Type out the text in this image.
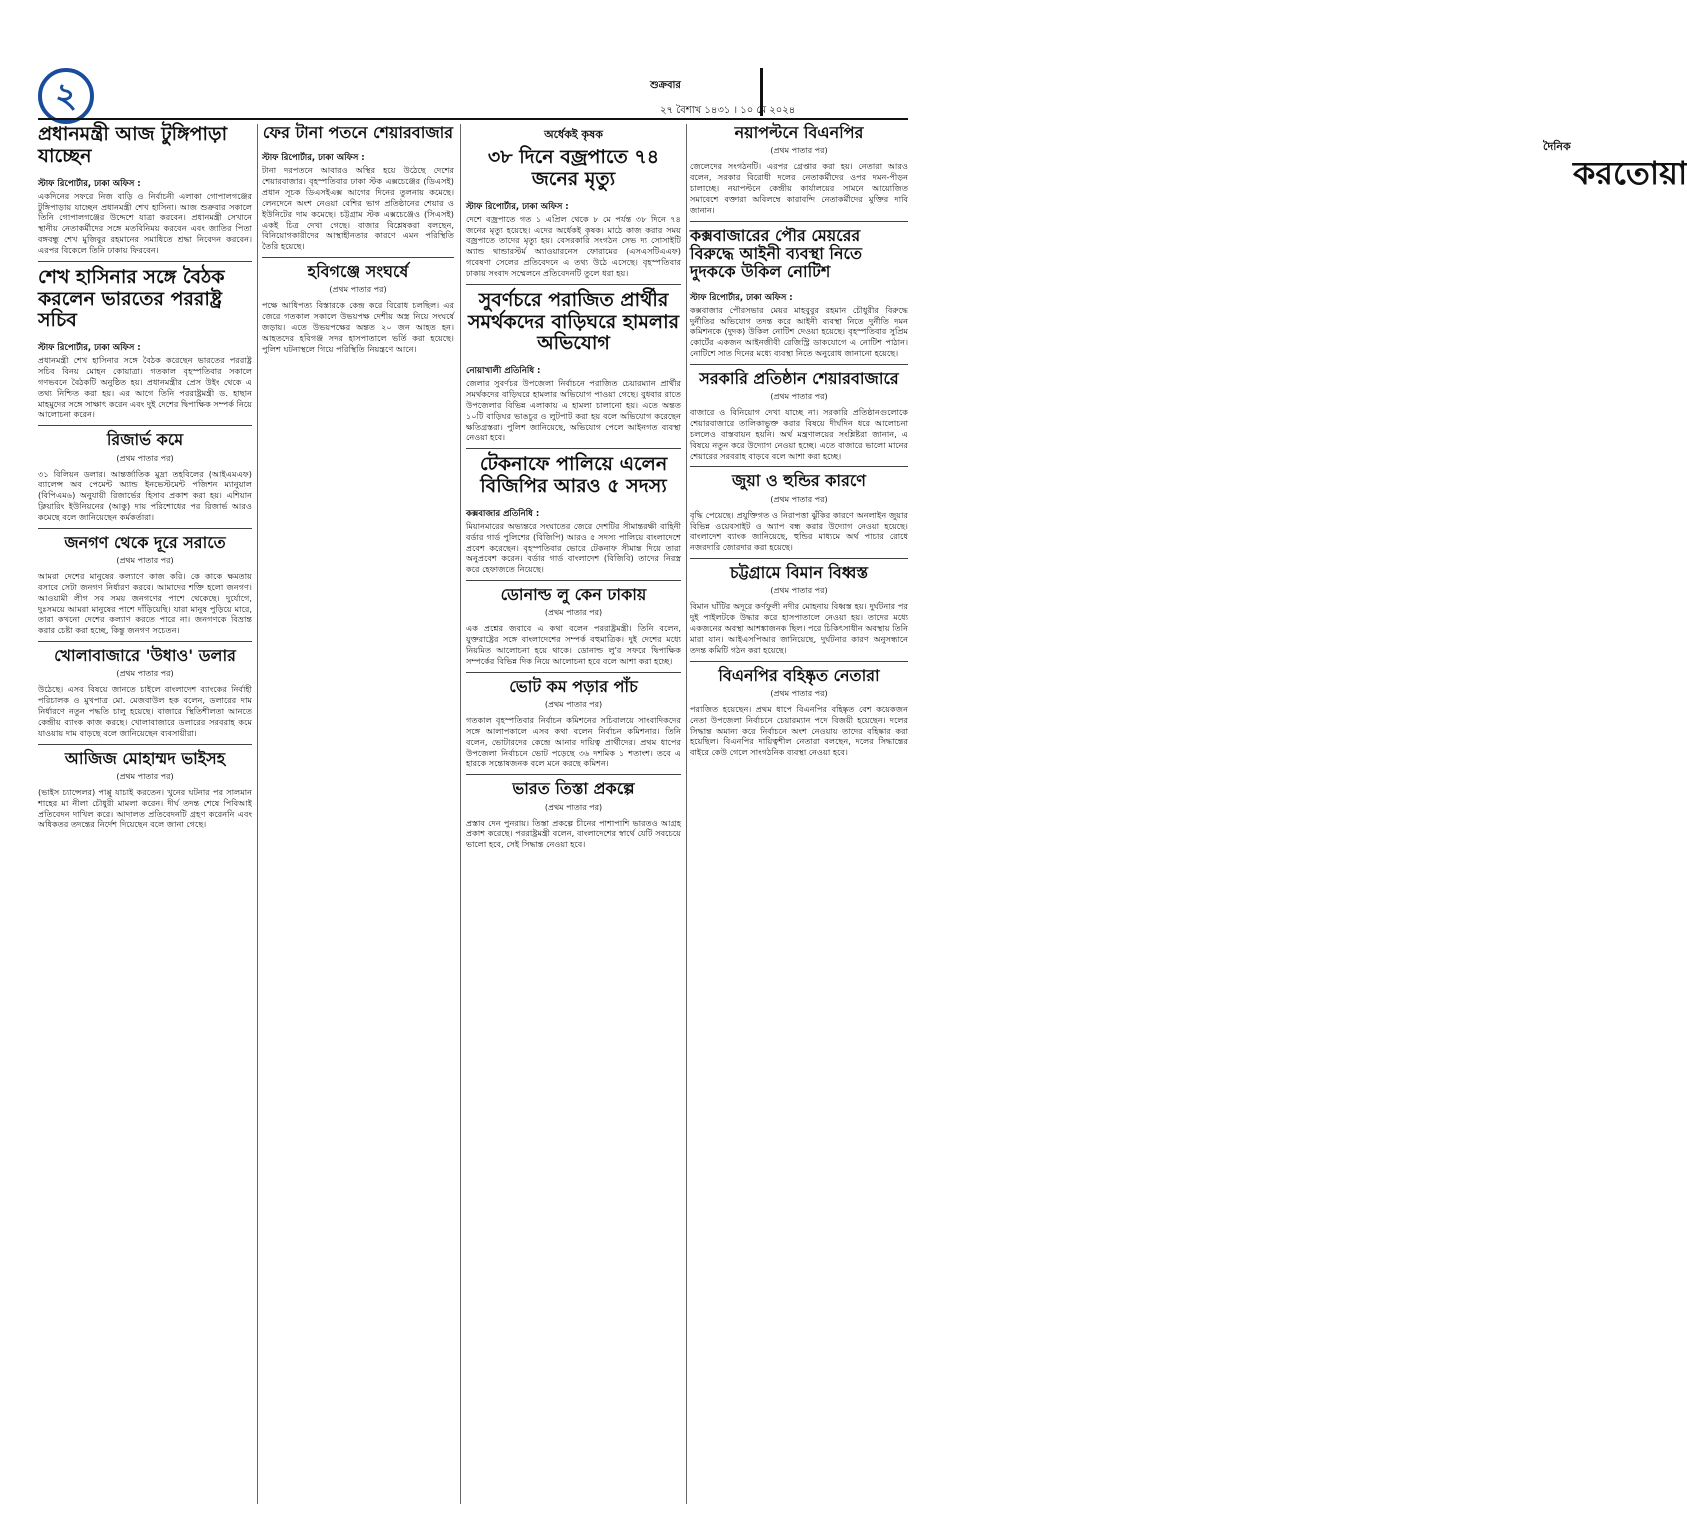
২	শুক্রবার
দৈনিক
করতোয়া
২৭ বৈশাখ ১৪৩১ । ১০ মে ২০২৪
প্রধানমন্ত্রী আজ টুঙ্গিপাড়া যাচ্ছেন
স্টাফ রিপোর্টার, ঢাকা অফিস :

একদিনের সফরে নিজ বাড়ি ও নির্বাচনী এলাকা গোপালগঞ্জের টুঙ্গিপাড়ায় যাচ্ছেন প্রধানমন্ত্রী শেখ হাসিনা। আজ শুক্রবার সকালে তিনি গোপালগঞ্জের উদ্দেশে যাত্রা করবেন। প্রধানমন্ত্রী সেখানে স্থানীয় নেতাকর্মীদের সঙ্গে মতবিনিময় করবেন এবং জাতির পিতা বঙ্গবন্ধু শেখ মুজিবুর রহমানের সমাধিতে শ্রদ্ধা নিবেদন করবেন। এরপর বিকেলে তিনি ঢাকায় ফিরবেন।

শেখ হাসিনার সঙ্গে বৈঠক করলেন ভারতের পররাষ্ট্র সচিব
স্টাফ রিপোর্টার, ঢাকা অফিস :

প্রধানমন্ত্রী শেখ হাসিনার সঙ্গে বৈঠক করেছেন ভারতের পররাষ্ট্র সচিব বিনয় মোহন কোয়াত্রা। গতকাল বৃহস্পতিবার সকালে গণভবনে বৈঠকটি অনুষ্ঠিত হয়। প্রধানমন্ত্রীর প্রেস উইং থেকে এ তথ্য নিশ্চিত করা হয়। এর আগে তিনি পররাষ্ট্রমন্ত্রী ড. হাছান মাহমুদের সঙ্গে সাক্ষাৎ করেন এবং দুই দেশের দ্বিপাক্ষিক সম্পর্ক নিয়ে আলোচনা করেন।

রিজার্ভ কমে
(প্রথম পাতার পর)

৩১ বিলিয়ন ডলার। আন্তর্জাতিক মুদ্রা তহবিলের (আইএমএফ) ব্যালেন্স অব পেমেন্ট অ্যান্ড ইনভেস্টমেন্ট পজিশন ম্যানুয়াল (বিপিএম৬) অনুযায়ী রিজার্ভের হিসাব প্রকাশ করা হয়। এশিয়ান ক্লিয়ারিং ইউনিয়নের (আকু) দায় পরিশোধের পর রিজার্ভ আরও কমেছে বলে জানিয়েছেন কর্মকর্তারা।

জনগণ থেকে দূরে সরাতে
(প্রথম পাতার পর)

আমরা দেশের মানুষের কল্যাণে কাজ করি। কে কাকে ক্ষমতায় বসাবে সেটা জনগণ নির্ধারণ করবে। আমাদের শক্তি হলো জনগণ। আওয়ামী লীগ সব সময় জনগণের পাশে থেকেছে। দুর্যোগে, দুঃসময়ে আমরা মানুষের পাশে দাঁড়িয়েছি। যারা মানুষ পুড়িয়ে মারে, তারা কখনো দেশের কল্যাণ করতে পারে না। জনগণকে বিভ্রান্ত করার চেষ্টা করা হচ্ছে, কিন্তু জনগণ সচেতন।

খোলাবাজারে 'উধাও' ডলার
(প্রথম পাতার পর)

উঠেছে। এসব বিষয়ে জানতে চাইলে বাংলাদেশ ব্যাংকের নির্বাহী পরিচালক ও মুখপাত্র মো. মেজবাউল হক বলেন, ডলারের দাম নির্ধারণে নতুন পদ্ধতি চালু হয়েছে। বাজারে স্থিতিশীলতা আনতে কেন্দ্রীয় ব্যাংক কাজ করছে। খোলাবাজারে ডলারের সরবরাহ কমে যাওয়ায় দাম বাড়ছে বলে জানিয়েছেন ব্যবসায়ীরা।

আজিজ মোহাম্মদ ভাইসহ
(প্রথম পাতার পর)

(ভাইস চ্যান্সেলর) পাপ্পু যাচাই করতেন। খুনের ঘটনার পর সালমান শাহের মা নীলা চৌধুরী মামলা করেন। দীর্ঘ তদন্ত শেষে পিবিআই প্রতিবেদন দাখিল করে। আদালত প্রতিবেদনটি গ্রহণ করেননি এবং অধিকতর তদন্তের নির্দেশ দিয়েছেন বলে জানা গেছে।

ফের টানা পতনে শেয়ারবাজার
স্টাফ রিপোর্টার, ঢাকা অফিস :

টানা দরপতনে আবারও অস্থির হয়ে উঠেছে দেশের শেয়ারবাজার। বৃহস্পতিবার ঢাকা স্টক এক্সচেঞ্জের (ডিএসই) প্রধান সূচক ডিএসইএক্স আগের দিনের তুলনায় কমেছে। লেনদেনে অংশ নেওয়া বেশির ভাগ প্রতিষ্ঠানের শেয়ার ও ইউনিটের দাম কমেছে। চট্টগ্রাম স্টক এক্সচেঞ্জেও (সিএসই) একই চিত্র দেখা গেছে। বাজার বিশ্লেষকরা বলছেন, বিনিয়োগকারীদের আস্থাহীনতার কারণে এমন পরিস্থিতি তৈরি হয়েছে।

হবিগঞ্জে সংঘর্ষে
(প্রথম পাতার পর)

পক্ষে আধিপত্য বিস্তারকে কেন্দ্র করে বিরোধ চলছিল। এর জেরে গতকাল সকালে উভয়পক্ষ দেশীয় অস্ত্র নিয়ে সংঘর্ষে জড়ায়। এতে উভয়পক্ষের অন্তত ২০ জন আহত হন। আহতদের হবিগঞ্জ সদর হাসপাতালে ভর্তি করা হয়েছে। পুলিশ ঘটনাস্থলে গিয়ে পরিস্থিতি নিয়ন্ত্রণে আনে।

অর্ধেকই কৃষক
৩৮ দিনে বজ্রপাতে ৭৪ জনের মৃত্যু
স্টাফ রিপোর্টার, ঢাকা অফিস :

দেশে বজ্রপাতে গত ১ এপ্রিল থেকে ৮ মে পর্যন্ত ৩৮ দিনে ৭৪ জনের মৃত্যু হয়েছে। এদের অর্ধেকই কৃষক। মাঠে কাজ করার সময় বজ্রপাতে তাদের মৃত্যু হয়। বেসরকারি সংগঠন সেভ দ্য সোসাইটি অ্যান্ড থান্ডারস্টর্ম অ্যাওয়ারনেস ফোরামের (এসএসটিএএফ) গবেষণা সেলের প্রতিবেদনে এ তথ্য উঠে এসেছে। বৃহস্পতিবার ঢাকায় সংবাদ সম্মেলনে প্রতিবেদনটি তুলে ধরা হয়।

সুবর্ণচরে পরাজিত প্রার্থীর সমর্থকদের বাড়িঘরে হামলার অভিযোগ
নোয়াখালী প্রতিনিধি :

জেলার সুবর্ণচর উপজেলা নির্বাচনে পরাজিত চেয়ারম্যান প্রার্থীর সমর্থকদের বাড়িঘরে হামলার অভিযোগ পাওয়া গেছে। বুধবার রাতে উপজেলার বিভিন্ন এলাকায় এ হামলা চালানো হয়। এতে অন্তত ১০টি বাড়িঘর ভাঙচুর ও লুটপাট করা হয় বলে অভিযোগ করেছেন ক্ষতিগ্রস্তরা। পুলিশ জানিয়েছে, অভিযোগ পেলে আইনগত ব্যবস্থা নেওয়া হবে।

টেকনাফে পালিয়ে এলেন বিজিপির আরও ৫ সদস্য
কক্সবাজার প্রতিনিধি :

মিয়ানমারের অভ্যন্তরে সংঘাতের জেরে দেশটির সীমান্তরক্ষী বাহিনী বর্ডার গার্ড পুলিশের (বিজিপি) আরও ৫ সদস্য পালিয়ে বাংলাদেশে প্রবেশ করেছেন। বৃহস্পতিবার ভোরে টেকনাফ সীমান্ত দিয়ে তারা অনুপ্রবেশ করেন। বর্ডার গার্ড বাংলাদেশ (বিজিবি) তাদের নিরস্ত্র করে হেফাজতে নিয়েছে।

ডোনাল্ড লু কেন ঢাকায়
(প্রথম পাতার পর)

এক প্রশ্নের জবাবে এ কথা বলেন পররাষ্ট্রমন্ত্রী। তিনি বলেন, যুক্তরাষ্ট্রের সঙ্গে বাংলাদেশের সম্পর্ক বহুমাত্রিক। দুই দেশের মধ্যে নিয়মিত আলোচনা হয়ে থাকে। ডোনাল্ড লু'র সফরে দ্বিপাক্ষিক সম্পর্কের বিভিন্ন দিক নিয়ে আলোচনা হবে বলে আশা করা হচ্ছে।

ভোট কম পড়ার পাঁচ
(প্রথম পাতার পর)

গতকাল বৃহস্পতিবার নির্বাচন কমিশনের সচিবালয়ে সাংবাদিকদের সঙ্গে আলাপকালে এসব কথা বলেন নির্বাচন কমিশনার। তিনি বলেন, ভোটারদের কেন্দ্রে আনার দায়িত্ব প্রার্থীদের। প্রথম ধাপের উপজেলা নির্বাচনে ভোট পড়েছে ৩৬ দশমিক ১ শতাংশ। তবে এ হারকে সন্তোষজনক বলে মনে করছে কমিশন।

ভারত তিস্তা প্রকল্পে
(প্রথম পাতার পর)

প্রস্তাব দেন পুনরায়। তিস্তা প্রকল্পে চীনের পাশাপাশি ভারতও আগ্রহ প্রকাশ করেছে। পররাষ্ট্রমন্ত্রী বলেন, বাংলাদেশের স্বার্থে যেটি সবচেয়ে ভালো হবে, সেই সিদ্ধান্ত নেওয়া হবে।

নয়াপল্টনে বিএনপির
(প্রথম পাতার পর)

জেলেদের সংগঠনটি। এরপর গ্রেপ্তার করা হয়। নেতারা আরও বলেন, সরকার বিরোধী দলের নেতাকর্মীদের ওপর দমন-পীড়ন চালাচ্ছে। নয়াপল্টনে কেন্দ্রীয় কার্যালয়ের সামনে আয়োজিত সমাবেশে বক্তারা অবিলম্বে কারাবন্দি নেতাকর্মীদের মুক্তির দাবি জানান।

কক্সবাজারের পৌর মেয়রের বিরুদ্ধে আইনী ব্যবস্থা নিতে দুদককে উকিল নোটিশ
স্টাফ রিপোর্টার, ঢাকা অফিস :

কক্সবাজার পৌরসভার মেয়র মাহবুবুর রহমান চৌধুরীর বিরুদ্ধে দুর্নীতির অভিযোগ তদন্ত করে আইনী ব্যবস্থা নিতে দুর্নীতি দমন কমিশনকে (দুদক) উকিল নোটিশ দেওয়া হয়েছে। বৃহস্পতিবার সুপ্রিম কোর্টের একজন আইনজীবী রেজিস্ট্রি ডাকযোগে এ নোটিশ পাঠান। নোটিশে সাত দিনের মধ্যে ব্যবস্থা নিতে অনুরোধ জানানো হয়েছে।

সরকারি প্রতিষ্ঠান শেয়ারবাজারে
(প্রথম পাতার পর)

বাজারে ও বিনিয়োগ দেখা যাচ্ছে না। সরকারি প্রতিষ্ঠানগুলোকে শেয়ারবাজারে তালিকাভুক্ত করার বিষয়ে দীর্ঘদিন ধরে আলোচনা চললেও বাস্তবায়ন হয়নি। অর্থ মন্ত্রণালয়ের সংশ্লিষ্টরা জানান, এ বিষয়ে নতুন করে উদ্যোগ নেওয়া হচ্ছে। এতে বাজারে ভালো মানের শেয়ারের সরবরাহ বাড়বে বলে আশা করা হচ্ছে।

জুয়া ও হুন্ডির কারণে
(প্রথম পাতার পর)

বৃদ্ধি পেয়েছে। প্রযুক্তিগত ও নিরাপত্তা ঝুঁকির কারণে অনলাইন জুয়ার বিভিন্ন ওয়েবসাইট ও অ্যাপ বন্ধ করার উদ্যোগ নেওয়া হয়েছে। বাংলাদেশ ব্যাংক জানিয়েছে, হুন্ডির মাধ্যমে অর্থ পাচার রোধে নজরদারি জোরদার করা হয়েছে।

চট্টগ্রামে বিমান বিধ্বস্ত
(প্রথম পাতার পর)

বিমান ঘাঁটির অদূরে কর্ণফুলী নদীর মোহনায় বিধ্বস্ত হয়। দুর্ঘটনার পর দুই পাইলটকে উদ্ধার করে হাসপাতালে নেওয়া হয়। তাদের মধ্যে একজনের অবস্থা আশঙ্কাজনক ছিল। পরে চিকিৎসাধীন অবস্থায় তিনি মারা যান। আইএসপিআর জানিয়েছে, দুর্ঘটনার কারণ অনুসন্ধানে তদন্ত কমিটি গঠন করা হয়েছে।

বিএনপির বহিষ্কৃত নেতারা
(প্রথম পাতার পর)

পরাজিত হয়েছেন। প্রথম ধাপে বিএনপির বহিষ্কৃত বেশ কয়েকজন নেতা উপজেলা নির্বাচনে চেয়ারম্যান পদে বিজয়ী হয়েছেন। দলের সিদ্ধান্ত অমান্য করে নির্বাচনে অংশ নেওয়ায় তাদের বহিষ্কার করা হয়েছিল। বিএনপির দায়িত্বশীল নেতারা বলছেন, দলের সিদ্ধান্তের বাইরে কেউ গেলে সাংগঠনিক ব্যবস্থা নেওয়া হবে।
